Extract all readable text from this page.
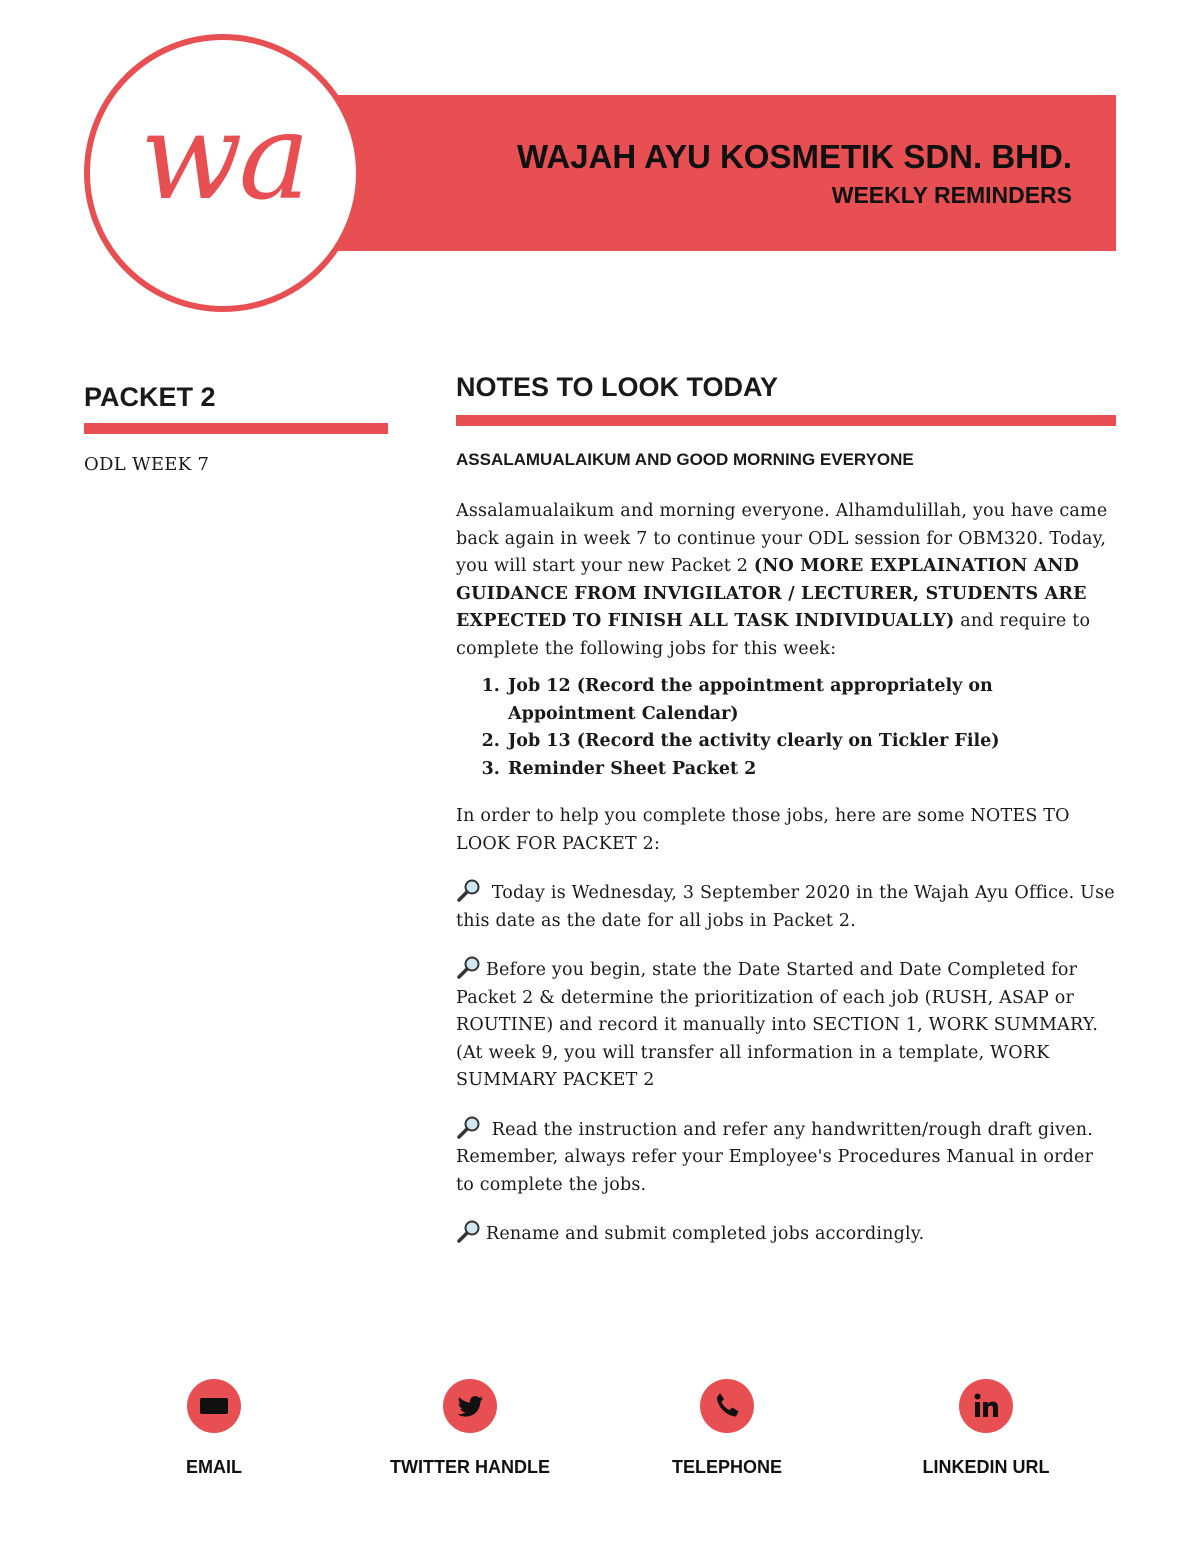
wa	WAJAH AYU KOSMETIK SDN. BHD.
WEEKLY REMINDERS
PACKET 2
ODL WEEK 7
NOTES TO LOOK TODAY
ASSALAMUALAIKUM AND GOOD MORNING EVERYONE

Assalamualaikum and morning everyone. Alhamdulillah, you have came back again in week 7 to continue your ODL session for OBM320. Today, you will start your new Packet 2 (NO MORE EXPLAINATION AND GUIDANCE FROM INVIGILATOR / LECTURER, STUDENTS ARE EXPECTED TO FINISH ALL TASK INDIVIDUALLY) and require to complete the following jobs for this week:

1. Job 12 (Record the appointment appropriately on Appointment Calendar)
2. Job 13 (Record the activity clearly on Tickler File)
3. Reminder Sheet Packet 2

In order to help you complete those jobs, here are some NOTES TO LOOK FOR PACKET 2:

Today is Wednesday, 3 September 2020 in the Wajah Ayu Office. Use this date as the date for all jobs in Packet 2.

Before you begin, state the Date Started and Date Completed for Packet 2 & determine the prioritization of each job (RUSH, ASAP or ROUTINE) and record it manually into SECTION 1, WORK SUMMARY. (At week 9, you will transfer all information in a template, WORK SUMMARY PACKET 2

Read the instruction and refer any handwritten/rough draft given. Remember, always refer your Employee's Procedures Manual in order to complete the jobs.

Rename and submit completed jobs accordingly.

EMAIL	TWITTER HANDLE	TELEPHONE	LINKEDIN URL
